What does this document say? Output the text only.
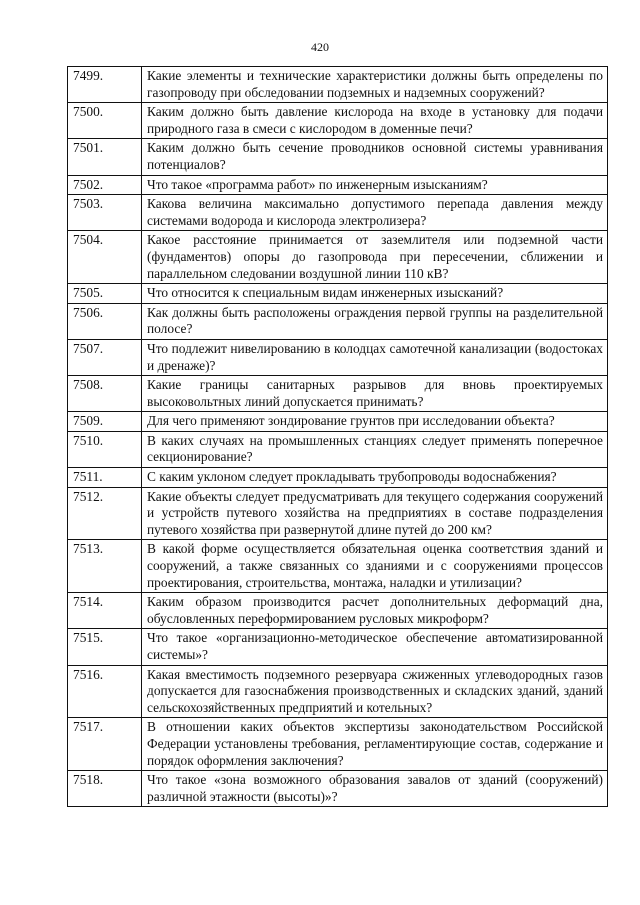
420
7499.	Какие элементы и технические характеристики должны быть определены по газопроводу при обследовании подземных и надземных сооружений?
7500.	Каким должно быть давление кислорода на входе в установку для подачи природного газа в смеси с кислородом в доменные печи?
7501.	Каким должно быть сечение проводников основной системы уравнивания потенциалов?
7502.	Что такое «программа работ» по инженерным изысканиям?
7503.	Какова величина максимально допустимого перепада давления между системами водорода и кислорода электролизера?
7504.	Какое расстояние принимается от заземлителя или подземной части (фундаментов) опоры до газопровода при пересечении, сближении и параллельном следовании воздушной линии 110 кВ?
7505.	Что относится к специальным видам инженерных изысканий?
7506.	Как должны быть расположены ограждения первой группы на разделительной полосе?
7507.	Что подлежит нивелированию в колодцах самотечной канализации (водостоках и дренаже)?
7508.	Какие границы санитарных разрывов для вновь проектируемых высоковольтных линий допускается принимать?
7509.	Для чего применяют зондирование грунтов при исследовании объекта?
7510.	В каких случаях на промышленных станциях следует применять поперечное секционирование?
7511.	С каким уклоном следует прокладывать трубопроводы водоснабжения?
7512.	Какие объекты следует предусматривать для текущего содержания сооружений и устройств путевого хозяйства на предприятиях в составе подразделения путевого хозяйства при развернутой длине путей до 200 км?
7513.	В какой форме осуществляется обязательная оценка соответствия зданий и сооружений, а также связанных со зданиями и с сооружениями процессов проектирования, строительства, монтажа, наладки и утилизации?
7514.	Каким образом производится расчет дополнительных деформаций дна, обусловленных переформированием русловых микроформ?
7515.	Что такое «организационно-методическое обеспечение автоматизированной системы»?
7516.	Какая вместимость подземного резервуара сжиженных углеводородных газов допускается для газоснабжения производственных и складских зданий, зданий сельскохозяйственных предприятий и котельных?
7517.	В отношении каких объектов экспертизы законодательством Российской Федерации установлены требования, регламентирующие состав, содержание и порядок оформления заключения?
7518.	Что такое «зона возможного образования завалов от зданий (сооружений) различной этажности (высоты)»?
